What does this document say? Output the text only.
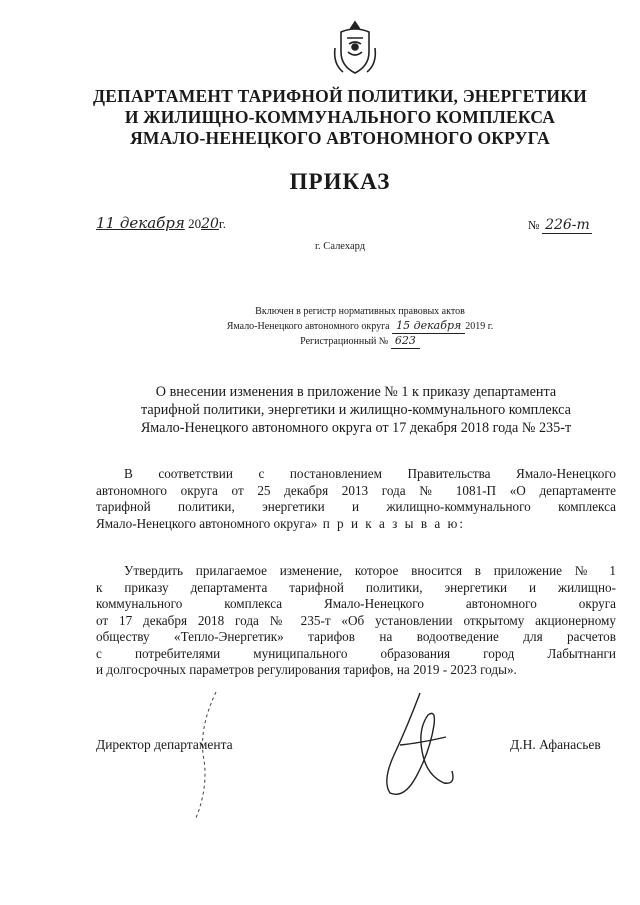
ДЕПАРТАМЕНТ ТАРИФНОЙ ПОЛИТИКИ, ЭНЕРГЕТИКИ
И ЖИЛИЩНО-КОММУНАЛЬНОГО КОМПЛЕКСА
ЯМАЛО-НЕНЕЦКОГО АВТОНОМНОГО ОКРУГА
ПРИКАЗ
11 декабря 2020г.	№ 226-т
г. Салехард
Включен в регистр нормативных правовых актов
Ямало-Ненецкого автономного округа 15 декабря 2019 г.
Регистрационный № 623
О внесении изменения в приложение № 1 к приказу департамента
тарифной политики, энергетики и жилищно-коммунального комплекса
Ямало-Ненецкого автономного округа от 17 декабря 2018 года № 235-т
В соответствии с постановлением Правительства Ямало-Ненецкого
автономного округа от 25 декабря 2013 года № 1081-П «О департаменте
тарифной политики, энергетики и жилищно-коммунального комплекса
Ямало-Ненецкого автономного округа» п р и к а з ы в а ю:
Утвердить прилагаемое изменение, которое вносится в приложение № 1
к приказу департамента тарифной политики, энергетики и жилищно-
коммунального комплекса Ямало-Ненецкого автономного округа
от 17 декабря 2018 года № 235-т «Об установлении открытому акционерному
обществу «Тепло-Энергетик» тарифов на водоотведение для расчетов
с потребителями муниципального образования город Лабытнанги
и долгосрочных параметров регулирования тарифов, на 2019 - 2023 годы».
Директор департамента	Д.Н. Афанасьев
